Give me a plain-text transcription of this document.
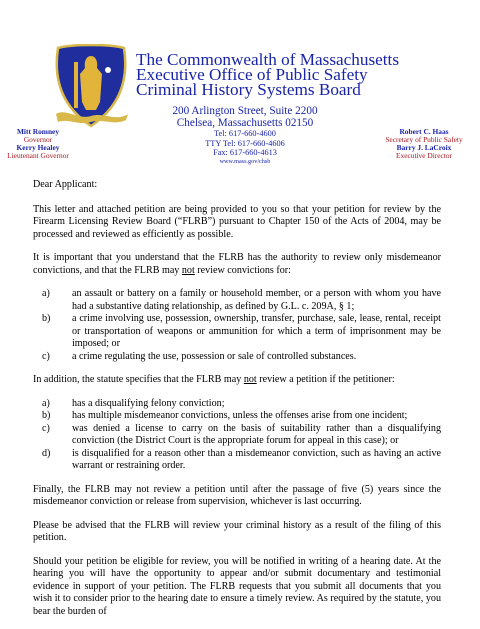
The Commonwealth of Massachusetts

Executive Office of Public Safety

Criminal History Systems Board

200 Arlington Street, Suite 2200
Chelsea, Massachusetts 02150
Tel: 617-660-4600
TTY Tel: 617-660-4606
Fax: 617-660-4613
www.mass.gov/chsb
Mitt Romney
Governor
Kerry Healey
Lieutenant Governor
Robert C. Haas
Secretary of Public Safety
Barry J. LaCroix
Executive Director

Dear Applicant:

This letter and attached petition are being provided to you so that your petition for review by the Firearm Licensing Review Board (“FLRB”) pursuant to Chapter 150 of the Acts of 2004, may be processed and reviewed as efficiently as possible.

It is important that you understand that the FLRB has the authority to review only misdemeanor convictions, and that the FLRB may not review convictions for:

a) an assault or battery on a family or household member, or a person with whom you have had a substantive dating relationship, as defined by G.L. c. 209A, § 1;
b) a crime involving use, possession, ownership, transfer, purchase, sale, lease, rental, receipt or transportation of weapons or ammunition for which a term of imprisonment may be imposed; or
c) a crime regulating the use, possession or sale of controlled substances.

In addition, the statute specifies that the FLRB may not review a petition if the petitioner:

a) has a disqualifying felony conviction;
b) has multiple misdemeanor convictions, unless the offenses arise from one incident;
c) was denied a license to carry on the basis of suitability rather than a disqualifying conviction (the District Court is the appropriate forum for appeal in this case); or
d) is disqualified for a reason other than a misdemeanor conviction, such as having an active warrant or restraining order.

Finally, the FLRB may not review a petition until after the passage of five (5) years since the misdemeanor conviction or release from supervision, whichever is last occurring.

Please be advised that the FLRB will review your criminal history as a result of the filing of this petition.

Should your petition be eligible for review, you will be notified in writing of a hearing date. At the hearing you will have the opportunity to appear and/or submit documentary and testimonial evidence in support of your petition. The FLRB requests that you submit all documents that you wish it to consider prior to the hearing date to ensure a timely review. As required by the statute, you bear the burden of
